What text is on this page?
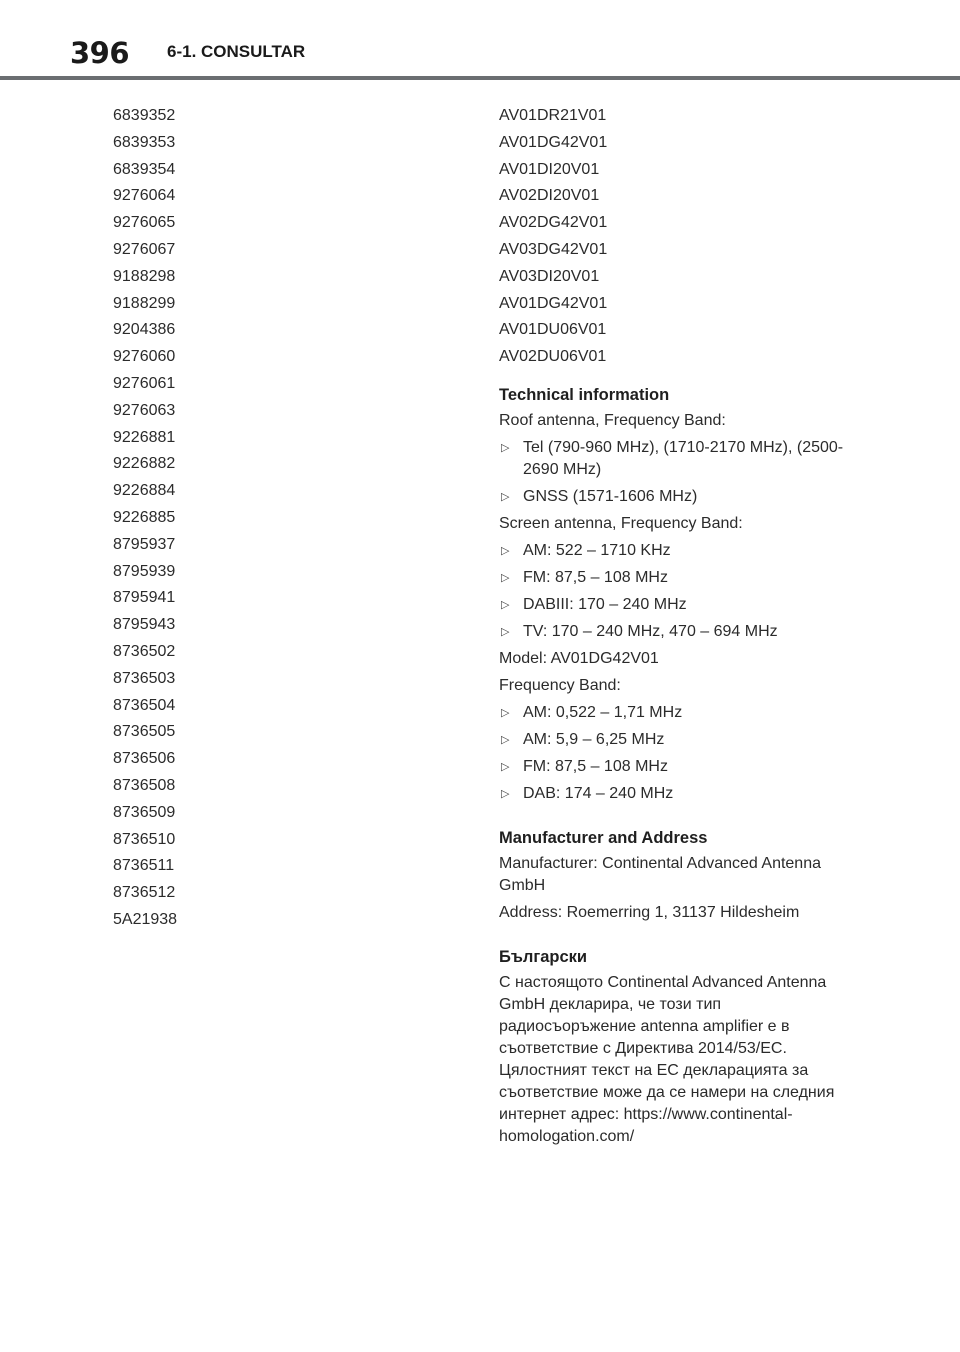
396 6-1. CONSULTAR
6839352
6839353
6839354
9276064
9276065
9276067
9188298
9188299
9204386
9276060
9276061
9276063
9226881
9226882
9226884
9226885
8795937
8795939
8795941
8795943
8736502
8736503
8736504
8736505
8736506
8736508
8736509
8736510
8736511
8736512
5A21938
AV01DR21V01
AV01DG42V01
AV01DI20V01
AV02DI20V01
AV02DG42V01
AV03DG42V01
AV03DI20V01
AV01DG42V01
AV01DU06V01
AV02DU06V01
Technical information
Roof antenna, Frequency Band:
▷ Tel (790-960 MHz), (1710-2170 MHz), (2500-2690 MHz)
▷ GNSS (1571-1606 MHz)
Screen antenna, Frequency Band:
▷ AM: 522 – 1710 KHz
▷ FM: 87,5 – 108 MHz
▷ DABIII: 170 – 240 MHz
▷ TV: 170 – 240 MHz, 470 – 694 MHz
Model: AV01DG42V01
Frequency Band:
▷ AM: 0,522 – 1,71 MHz
▷ AM: 5,9 – 6,25 MHz
▷ FM: 87,5 – 108 MHz
▷ DAB: 174 – 240 MHz
Manufacturer and Address
Manufacturer: Continental Advanced Antenna GmbH
Address: Roemerring 1, 31137 Hildesheim
Български
С настоящото Continental Advanced Antenna GmbH декларира, че този тип радиосъоръжение antenna amplifier е в съответствие с Директива 2014/53/ЕС. Цялостният текст на ЕС декларацията за съответствие може да се намери на следния интернет адрес: https://www.continental-homologation.com/
